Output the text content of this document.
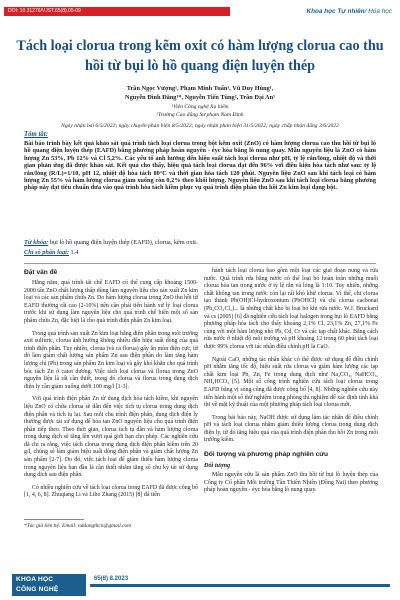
DOI: 10.31276/VJST.65(8).05-09	Khoa học Tự nhiên/ Hóa học
Tách loại clorua trong kẽm oxit có hàm lượng clorua cao thu hồi từ bụi lò hồ quang điện luyện thép
Trần Ngọc Vượng¹, Phạm Minh Tuấn¹, Vũ Duy Hùng¹,
Nguyễn Đình Đăng¹*, Nguyễn Tiến Tùng², Trần Đại An¹
¹Viện Công nghệ Xạ hiếm
²Trường Cao đẳng Sư phạm Nam Định
Ngày nhận bài 6/5/2022; ngày chuyển phản biện 8/5/2022; ngày nhận phản biện 31/5/2022; ngày chấp nhận đăng 3/6/2022
Tóm tắt:
Bài báo trình bày kết quả khảo sát quá trình tách loại clorua trong bột kẽm oxit (ZnO) có hàm lượng clorua cao thu hồi từ bụi lò hồ quang điện luyện thép (EAFD) bằng phương pháp hoàn nguyên - éyc hòa bằng lò nung quay. Mẫu nguyên liệu là ZnO có hàm lượng Zn 53%, Pb 12% và Cl 5,2%. Các yếu tố ảnh hưởng đến hiệu suất tách loại clorua như pH, tỷ lệ rắn/lỏng, nhiệt độ và thời gian phản ứng đã được khảo sát. Kết quả cho thấy, hiệu quả tách loại clorua đạt đến 96% với điều kiện hòa tách như sau: tỷ lệ rắn/lỏng (R/L)=1/10, pH 12, nhiệt độ hòa tách 80°C và thời gian hòa tách 120 phút. Nguyên liệu ZnO sau khi tách loại có hàm lượng Zn 55% và hàm lượng clorua giảm xuống còn 0,2% theo khối lượng. Nguyên liệu ZnO sau khi tách loại clorua bằng phương pháp này đạt tiêu chuẩn đưa vào quá trình hòa tách kiềm phục vụ quá trình điện phân thu hồi Zn kim loại dạng bột.
Từ khóa: bụi lò hồ quang điện luyện thép (EAFD), clorua, kẽm oxit.
Chỉ số phân loại: 1.4
Đặt vấn đề

Hằng năm, quá trình tái chế EAFD có thể cung cấp khoảng 1500-2000 tấn ZnO chất lượng thấp dùng làm nguyên liệu cho sản xuất Zn kim loại và các sản phẩm chứa Zn. Do hàm lượng clorua trong ZnO thu hồi từ EAFD thường rất cao (2-10%) nên cần phải tiến hành xử lý loại clorua trước khi sử dụng làm nguyên liệu cho quá trình chế biến một số sản phẩm chứa Zn, đặc biệt là cho quá trình điện phân Zn kim loại.

Trong quá trình sản xuất Zn kim loại bằng điện phân trong môi trường axit sulfuric, clorua ảnh hưởng không nhiều đến hiệu suất dòng của quá trình điện phân. Tuy nhiên, clorua (và cả florua) gây ăn mòn điện cực, từ đó làm giảm chất lượng sản phẩm Zn sau điện phân do làm tăng hàm lượng chì (Pb) trong sản phẩm Zn kim loại và gây khó khăn cho quá trình bóc tách Zn ở catot dương. Việc tách loại clorua và florua trong ZnO nguyên liệu là rất cần thiết, trong đó clorua và florua trong dung dịch điện ly cần giảm xuống dưới 100 mg/l [1-3].

Với quá trình điện phân Zn từ dung dịch hòa tách kiềm, khi nguyên liệu ZnO có chứa clorua sẽ dẫn đến việc tích tụ clorua trong dung dịch điện phân và tích tụ lại. Sau mỗi chu trình điện phân, dung dịch điện ly thường được tái sử dụng để hòa tan ZnO nguyên liệu cho quá trình điện phân tiếp theo. Theo thời gian, clorua tích tụ dần và hàm lượng clorua trong dung dịch sẽ tăng lên vượt quá giới hạn cho phép. Các nghiên cứu đã chỉ ra rằng, việc tách clorua trong dung dịch điện phân kiềm trên 20 g/l, chúng sẽ làm giảm hiệu suất dòng điện phân và giảm chất lượng Zn sản phẩm [2-7]. Do đó, việc tách loại để giảm thiểu hàm lượng clorua trong nguyên liệu ban đầu là cần thiết nhằm tăng số chu kỳ tái sử dụng dung dịch sau điện phân.

Có nhiều nghiên cứu về tách loại clorua trong EAFD đã được công bố [1, 4, 6, 8]. Zhuqiang Li và Libo Zhang (2015) [8] đã tiến

*Tác giả liên hệ: Email: nddangthcn@gmail.com

hành tách loại clorua bao gồm một loạt các giai đoạn nung và rửa nước. Quá trình rửa bằng nước có thể loại bỏ hoàn toàn những muối clorua hòa tan trong nước ở tỷ lệ rắn và lỏng là 1:10. Tuy nhiên, những chất không tan trong nước còn lại rất khó khử clorua. Vì thế, chi clorua tạo thành Pb(OH)Cl-hydroxonium (PbOHCl) và chì clorua cacbonat (Pb₂CO₃Cl₂)... là những chất khó bị loại bỏ khi rửa nước. W.J. Bruckard và cs (2005) [6] đã nghiên cứu tách loại halogen trong bụi lò EAFD bằng phương pháp hòa tách cho thấy khoảng 2,1% Cl, 23,1% Zn, 27,1% Fe cùng với một hàm lượng nhỏ Pb, Cd, Cr và các tạp chất khác. Bằng cách rửa nước ở nhiệt độ môi trường và pH khoảng 12 trong 60 phút tách loại được 99% clorua với tác nhân điều chỉnh pH là CaO.

Ngoài CaO, những tác nhân khác có thể được sử dụng để điều chỉnh pH nhằm tăng tốc độ, hiệu suất rửa clorua và giảm hàm lượng các tạp chất kim loại Pb, Zn, Fe trong dung dịch như Na₂CO₃, NaHCO₃, NH₄HCO₃ [5]. Một số công trình nghiên cứu tách loại clorua trong EAFD bằng vị sóng cũng đã được công bố [4, 8]. Những nghiên cứu này tiến hành một số thử nghiệm trong phòng thí nghiệm để xác định tính khả thi về mặt kỹ thuật của một phương pháp tách loại clorua mới.

Trong bài báo này, NaOH được sử dụng làm tác nhân để điều chỉnh pH và tách loại clorua nhằm giảm thiểu lượng clorua trong dung dịch điện ly, từ đó tăng hiệu quả của quá trình điện phân thu hồi Zn trong môi trường kiềm.

Đối tượng và phương pháp nghiên cứu
Đối tượng

Mẫu nguyên cứu là sản phẩm ZnO thu hồi từ bụi lò luyện thép của Công ty Cổ phần Môi trường Tân Thiên Nhiên (Đồng Nai) theo phương pháp hoàn nguyên - éyc hòa bằng lò nung quay.

KHOA HỌC
CÔNG NGHỆ
65(8) 8.2023
